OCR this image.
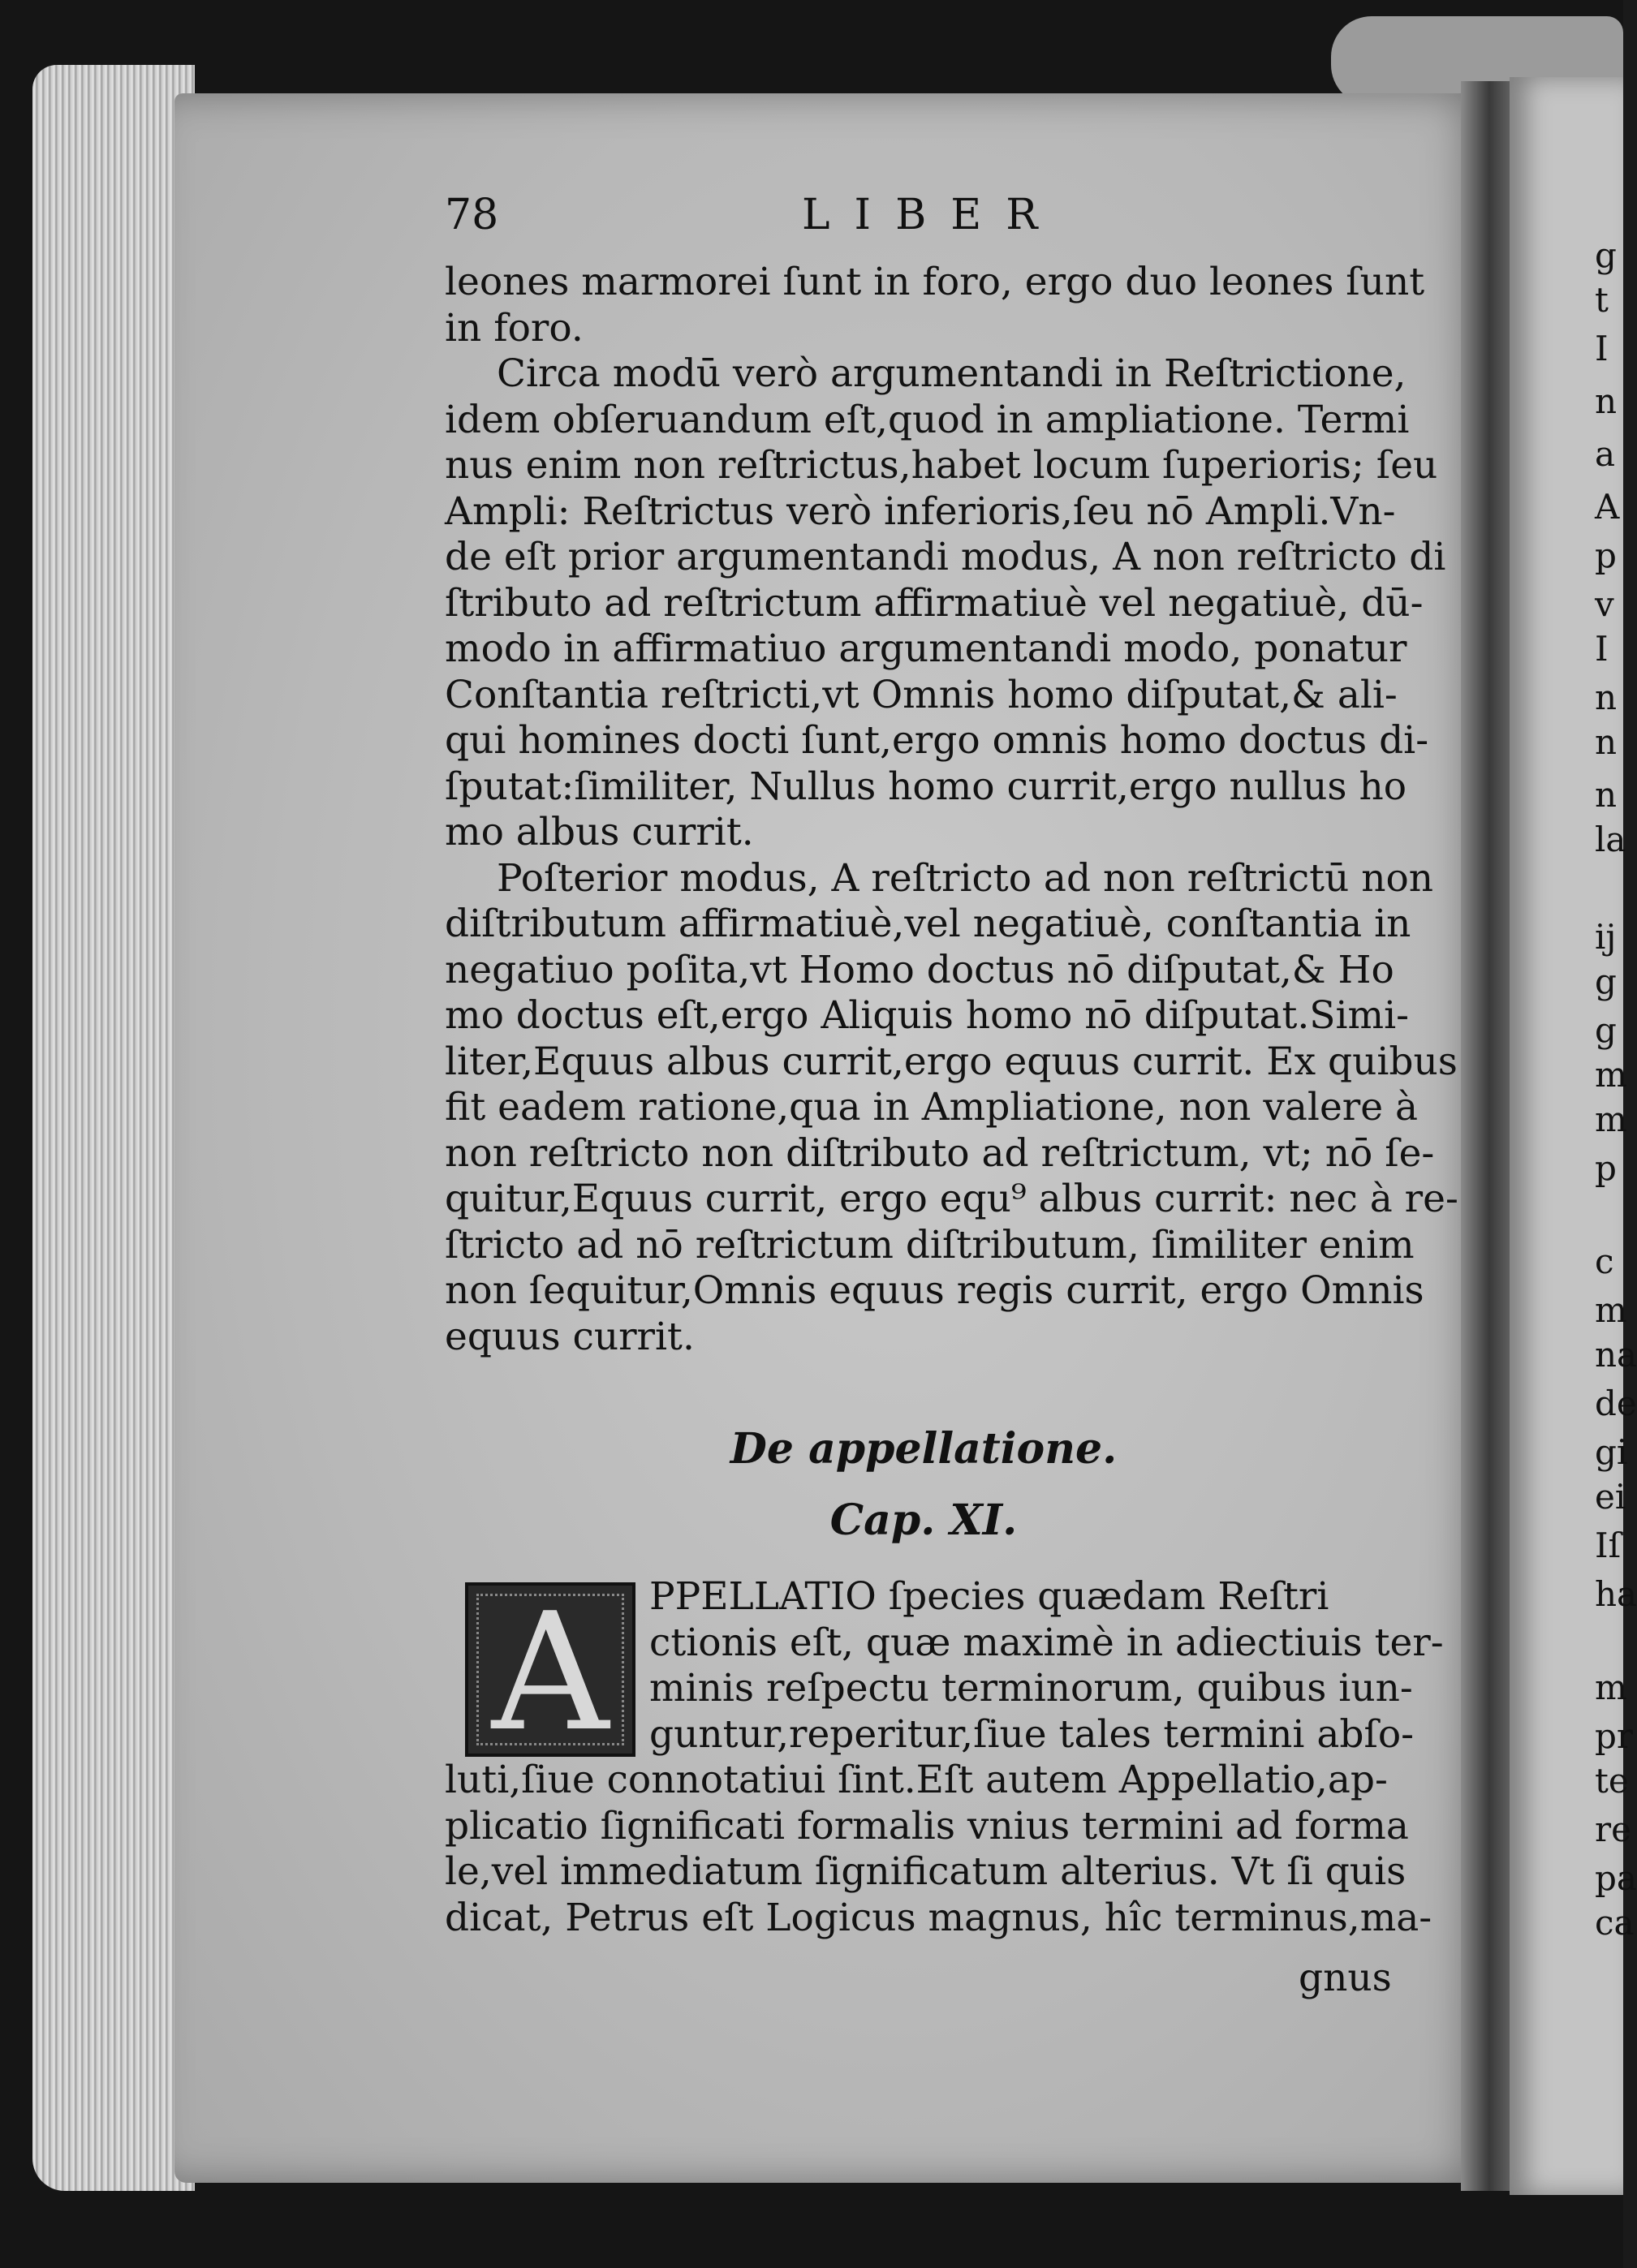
78	LIBER
leones marmorei ſunt in foro, ergo duo leones ſunt
in foro.
Circa modū verò argumentandi in Reſtrictione,
idem obſeruandum eſt,quod in ampliatione. Termi
nus enim non reſtrictus,habet locum ſuperioris; ſeu
Ampli: Reſtrictus verò inferioris,ſeu nō Ampli.Vn-
de eſt prior argumentandi modus, A non reſtricto di
ſtributo ad reſtrictum affirmatiuè vel negatiuè, dū-
modo in affirmatiuo argumentandi modo, ponatur
Conſtantia reſtricti,vt Omnis homo diſputat,& ali-
qui homines docti ſunt,ergo omnis homo doctus di-
ſputat:ſimiliter, Nullus homo currit,ergo nullus ho
mo albus currit.
Poſterior modus, A reſtricto ad non reſtrictū non
diſtributum affirmatiuè,vel negatiuè, conſtantia in
negatiuo poſita,vt Homo doctus nō diſputat,& Ho
mo doctus eſt,ergo Aliquis homo nō diſputat.Simi-
liter,Equus albus currit,ergo equus currit. Ex quibus
fit eadem ratione,qua in Ampliatione, non valere à
non reſtricto non diſtributo ad reſtrictum, vt; nō ſe-
quitur,Equus currit, ergo equ⁹ albus currit: nec à re-
ſtricto ad nō reſtrictum diſtributum, ſimiliter enim
non ſequitur,Omnis equus regis currit, ergo Omnis
equus currit.
De appellatione.
Cap. XI.
A	PPELLATIO ſpecies quædam Reſtri
ctionis eſt, quæ maximè in adiectiuis ter-
minis reſpectu terminorum, quibus iun-
guntur,reperitur,ſiue tales termini abſo-
luti,ſiue connotatiui ſint.Eſt autem Appellatio,ap-
plicatio ſignificati formalis vnius termini ad forma
le,vel immediatum ſignificatum alterius. Vt ſi quis
dicat, Petrus eſt Logicus magnus, hîc terminus,ma-
gnus
g
t
I
n
a
A
p
v
I
n
n
n
la
ij
g
g
m
m
p
c
m
na
de
gi
ei
Iſ
ha
m
pr
te
re
pa
ca
